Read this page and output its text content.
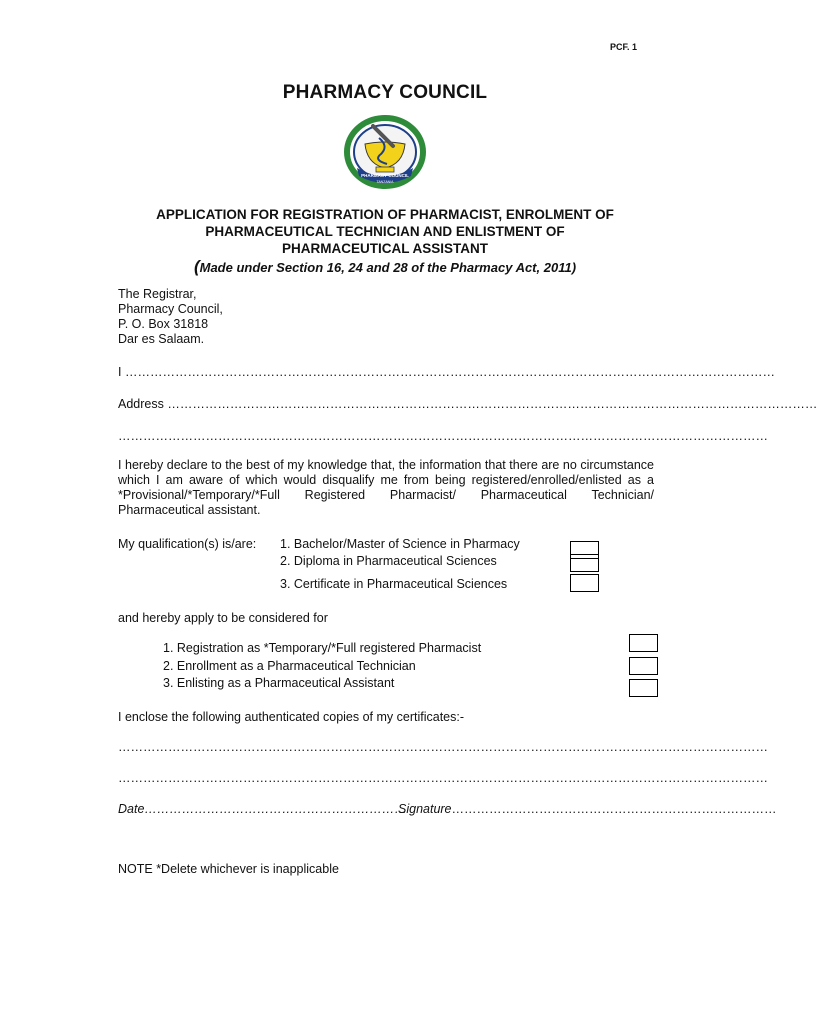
PCF. 1
PHARMACY COUNCIL
PHARMACY COUNCIL
TANZANIA
APPLICATION FOR REGISTRATION OF PHARMACIST, ENROLMENT OF
PHARMACEUTICAL TECHNICIAN AND ENLISTMENT OF
PHARMACEUTICAL ASSISTANT
(Made under Section 16, 24 and 28 of the Pharmacy Act, 2011)
The Registrar,
Pharmacy Council,
P. O. Box 31818
Dar es Salaam.
I …………………………………………………………………………………………………………………………………………
Address …………………………………………………………………………………………………………………………………………
…………………………………………………………………………………………………………………………………………
I hereby declare to the best of my knowledge that, the information that there are no circumstance which I am aware of which would disqualify me from being registered/enrolled/enlisted as a *Provisional/*Temporary/*Full Registered Pharmacist/ Pharmaceutical Technician/ Pharmaceutical assistant.
My qualification(s) is/are: 1. Bachelor/Master of Science in Pharmacy
2. Diploma in Pharmaceutical Sciences
3. Certificate in Pharmaceutical Sciences
and hereby apply to be considered for
1. Registration as *Temporary/*Full registered Pharmacist
2. Enrollment as a Pharmaceutical Technician
3. Enlisting as a Pharmaceutical Assistant
I enclose the following authenticated copies of my certificates:-
…………………………………………………………………………………………………………………………………………
…………………………………………………………………………………………………………………………………………
Date………………………………………………………
Signature……………………………………………………………………
NOTE *Delete whichever is inapplicable
